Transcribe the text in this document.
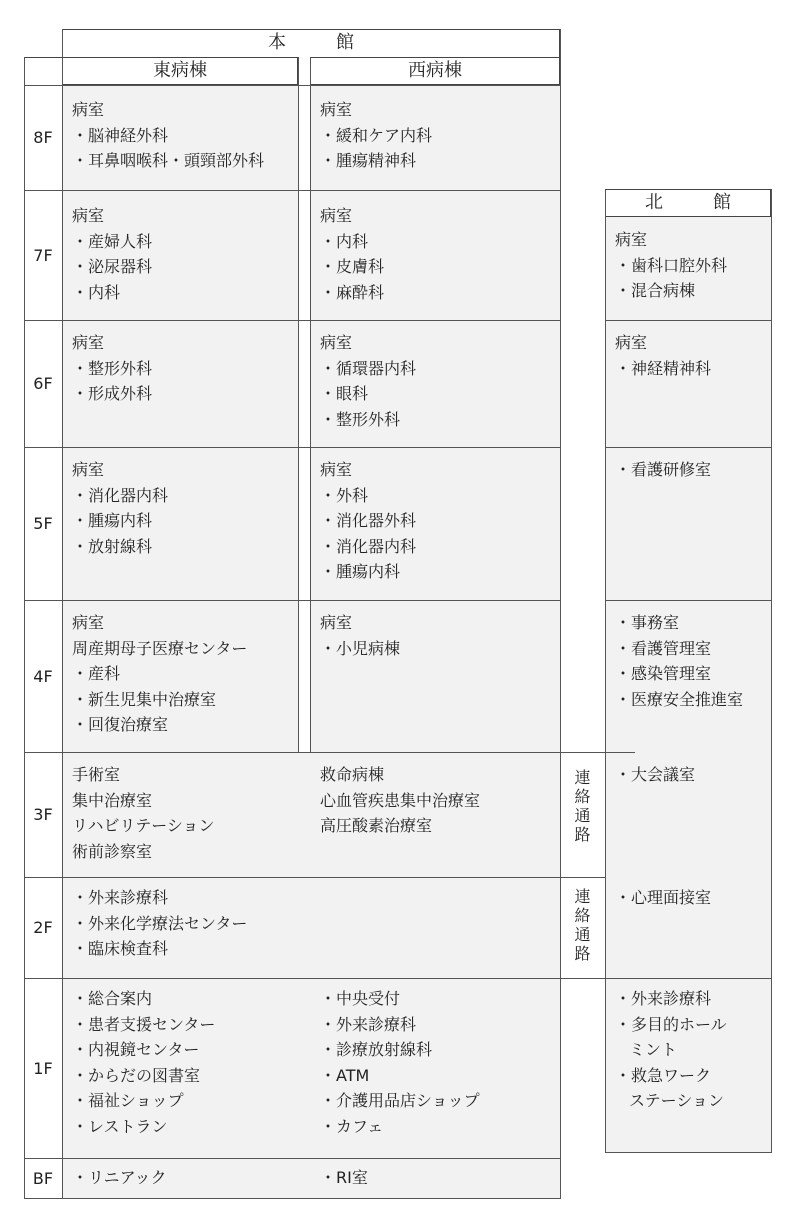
本　館
東病棟	西病棟
北　館
8F
7F
6F
5F
4F
3F
2F
1F
BF
病室
・脳神経外科
・耳鼻咽喉科・頭頸部外科
病室
・緩和ケア内科
・腫瘍精神科
病室
・産婦人科
・泌尿器科
・内科
病室
・内科
・皮膚科
・麻酔科
病室
・歯科口腔外科
・混合病棟
病室
・整形外科
・形成外科
病室
・循環器内科
・眼科
・整形外科
病室
・神経精神科
病室
・消化器内科
・腫瘍内科
・放射線科
病室
・外科
・消化器外科
・消化器内科
・腫瘍内科
・看護研修室
病室
周産期母子医療センター
・産科
・新生児集中治療室
・回復治療室
病室
・小児病棟
・事務室
・看護管理室
・感染管理室
・医療安全推進室
手術室
集中治療室
リハビリテーション
術前診察室
救命病棟
心血管疾患集中治療室
高圧酸素治療室
連絡通路
・大会議室
・外来診療科
・外来化学療法センター
・臨床検査科
連絡通路
・心理面接室
・総合案内
・患者支援センター
・内視鏡センター
・からだの図書室
・福祉ショップ
・レストラン
・中央受付
・外来診療科
・診療放射線科
・ATM
・介護用品店ショップ
・カフェ
・外来診療科
・多目的ホール
ミント
・救急ワーク
ステーション
・リニアック	・RI室
